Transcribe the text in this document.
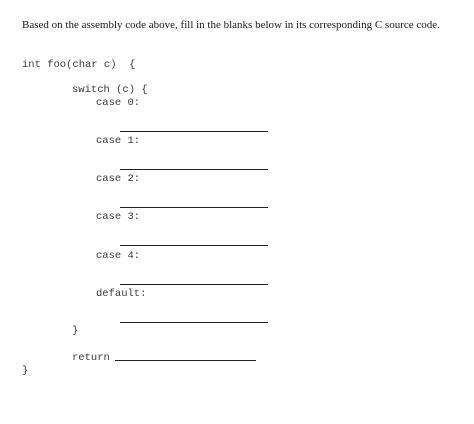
Based on the assembly code above, fill in the blanks below in its corresponding C source code.
int foo(char c)  {
switch (c) {
case 0:
case 1:
case 2:
case 3:
case 4:
default:
}
return
}
